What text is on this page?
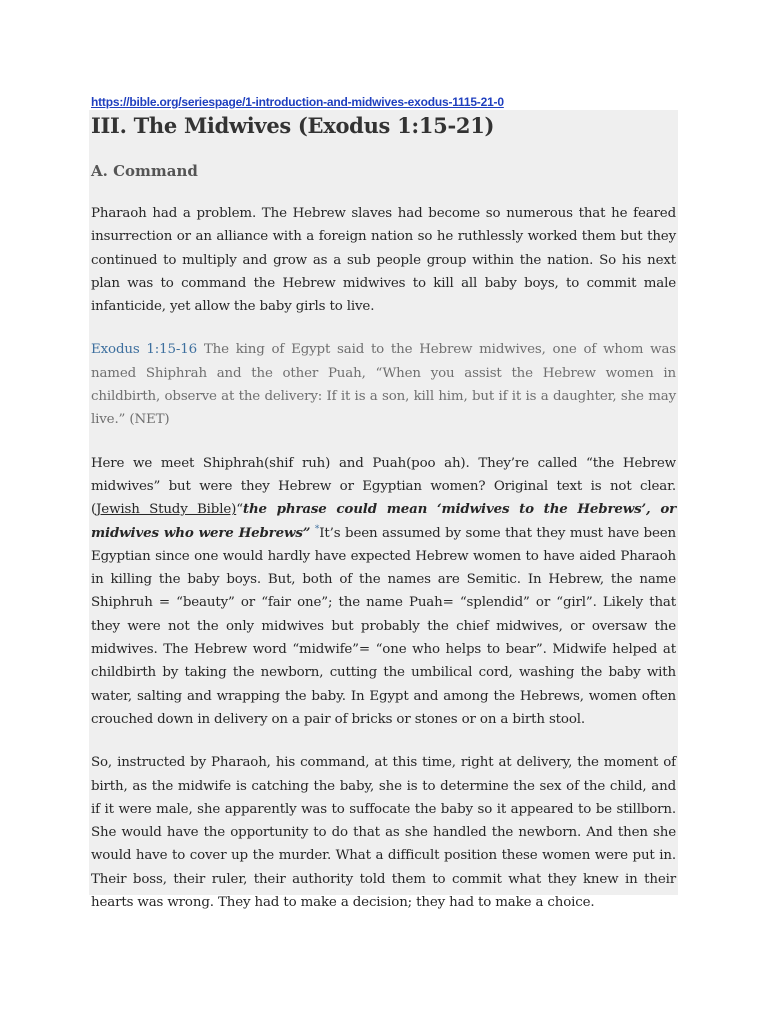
https://bible.org/seriespage/1-introduction-and-midwives-exodus-1115-21-0
III. The Midwives (Exodus 1:15-21)
A. Command

Pharaoh had a problem. The Hebrew slaves had become so numerous that he feared insurrection or an alliance with a foreign nation so he ruthlessly worked them but they continued to multiply and grow as a sub people group within the nation. So his next plan was to command the Hebrew midwives to kill all baby boys, to commit male infanticide, yet allow the baby girls to live.

Exodus 1:15-16 The king of Egypt said to the Hebrew midwives, one of whom was named Shiphrah and the other Puah, “When you assist the Hebrew women in childbirth, observe at the delivery: If it is a son, kill him, but if it is a daughter, she may live.” (NET)

Here we meet Shiphrah(shif ruh) and Puah(poo ah). They’re called “the Hebrew midwives” but were they Hebrew or Egyptian women? Original text is not clear. (Jewish Study Bible)“the phrase could mean ‘midwives to the Hebrews’, or midwives who were Hebrews” *It’s been assumed by some that they must have been Egyptian since one would hardly have expected Hebrew women to have aided Pharaoh in killing the baby boys. But, both of the names are Semitic. In Hebrew, the name Shiphruh = “beauty” or “fair one”; the name Puah= “splendid” or “girl”. Likely that they were not the only midwives but probably the chief midwives, or oversaw the midwives. The Hebrew word “midwife”= “one who helps to bear”. Midwife helped at childbirth by taking the newborn, cutting the umbilical cord, washing the baby with water, salting and wrapping the baby. In Egypt and among the Hebrews, women often crouched down in delivery on a pair of bricks or stones or on a birth stool.

So, instructed by Pharaoh, his command, at this time, right at delivery, the moment of birth, as the midwife is catching the baby, she is to determine the sex of the child, and if it were male, she apparently was to suffocate the baby so it appeared to be stillborn. She would have the opportunity to do that as she handled the newborn. And then she would have to cover up the murder. What a difficult position these women were put in. Their boss, their ruler, their authority told them to commit what they knew in their hearts was wrong. They had to make a decision; they had to make a choice.
